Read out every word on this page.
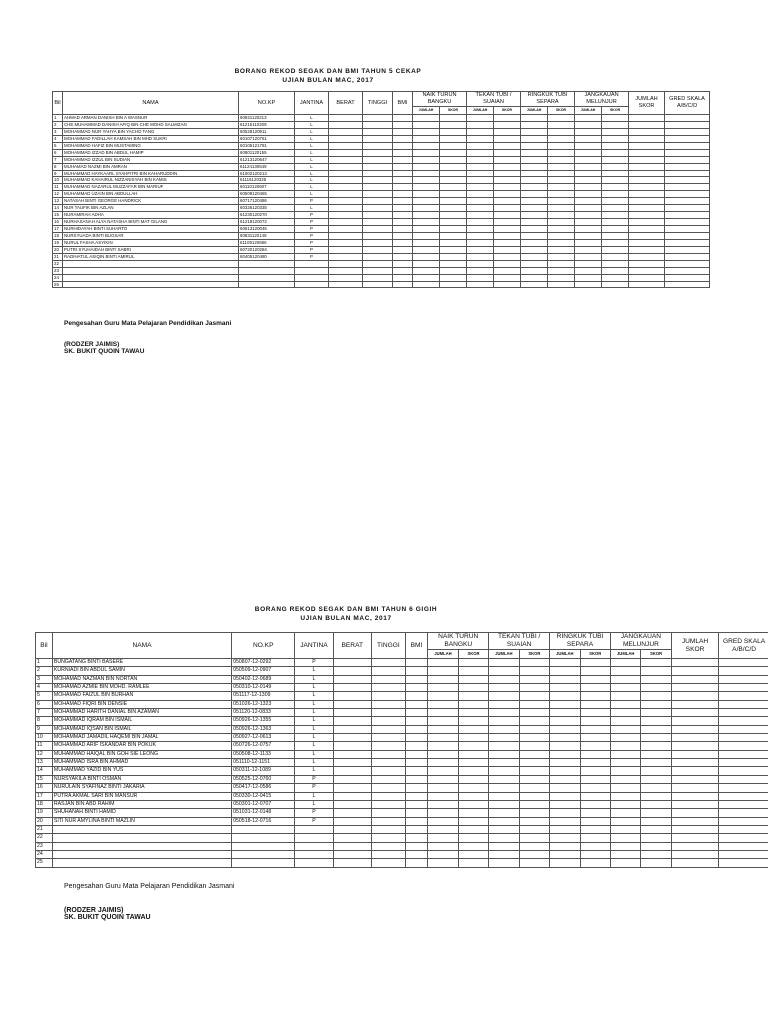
BORANG REKOD SEGAK DAN BMI TAHUN 5 CEKAP
UJIAN BULAN MAC, 2017
Bil	NAMA	NO.KP	JANTINA	BERAT	TINGGI	BMI	NAIK TURUN BANGKU		TEKAN TUBI / SUAIAN		RINGKUK TUBI SEPARA		JANGKAUAN MELUNJUR		JUMLAH SKOR	GRED SKALA A/B/C/D
							JUMLAH	SKOR	JUMLAH	SKOR	JUMLAH	SKOR	JUMLAH	SKOR		
1	AHMAD ARMAN DANISH BIN A WASNUR	60921120213	L													
2	CHE MUHAMMAD DANISH AFIQ BIN CHE MOHD SALMIZAN	61216110209	L													
3	MOHAMMAD NUR YAHYA BIN YACHO TANG	60528120911	L													
4	MOHAMMAD FADILLAH KAMSAH BIN MHD SUKRI	60107120761	L													
5	MOHAMMAD HAFIZ BIN MUSTAMING	60105121781	L													
6	MOHAMMAD IZZAD BIN ABDUL HAMIP	60801120155	L													
7	MOHAMMAD IZZUL BIN SUDIAN	61213120647	L													
8	MUHAMAD NAZMI BIN AMRAN	61124130549	L													
9	MUHAMMAD HAYKAARL SYAHFITRI BIN KAHARUDDIN	61002120213	L													
10	MUHAMMAD KAHAIRUL NIZZANISYAH BIN KAMIS	61116120325	L													
11	MUHAMMAD NAZARUL MUZZAFAR BIN MARIUF	60110120607	L													
12	MUHAMMAD UZAIN BIN ABDULLAH	60509120465	L													
13	NATASAH BINTI GEORGE HANDRICK	60717120486	P													
14	NUR TAUFIK BIN AZLAN	60326120335	L													
15	NURAMIRAH ADHA	61230120270	P													
16	NURHASANAH ALYA NATASHA BINTI MAT GILANG	61218120072	P													
17	NURHIDAYAH BINTI SUHARTO	60513120046	P													
18	NURSYUADA BINTI BUGSAR	60831120148	P													
19	NURUL FASHA ASYIKIN	61109120686	P													
20	PUTRI SYUHAIDAH BINTI SABRI	60720120284	P													
21	RADIHATUL ASIQIN BINTI AMIRUL	60405120480	P													
22																
23																
24																
25																
Pengesahan Guru Mata Pelajaran Pendidikan Jasmani
(RODZER JAIMIS)
SK. BUKIT QUOIN TAWAU
BORANG REKOD SEGAK DAN BMI TAHUN 6 GIGIH
UJIAN BULAN MAC, 2017
Bil	NAMA	NO.KP	JANTINA	BERAT	TINGGI	BMI	NAIK TURUN BANGKU		TEKAN TUBI / SUAIAN		RINGKUK TUBI SEPARA		JANGKAUAN MELUNJUR		JUMLAH SKOR	GRED SKALA A/B/C/D
							JUMLAH	SKOR	JUMLAH	SKOR	JUMLAH	SKOR	JUMLAH	SKOR		
1	BUNGATANG BINTI BASERE	050807-12-0292	P													
2	KURNIADI BIN ABDUL SAMIN	050509-12-0907	L													
3	MOHAMAD NAZMAN BIN NORTAN	050402-12-0689	L													
4	MOHAMAD AZMIE BIN MOHD. RAMLEE	050310-12-0149	L													
5	MOHAMAD FAIZUL BIN BURHAN	051117-12-1309	L													
6	MOHAMAD FIQRI BIN DENSIE	051026-12-1323	L													
7	MOHAMMAD HARITH DANIAL BIN AZAMAN	051120-12-0833	L													
8	MOHAMMAD IQRAM BIN ISMAIL	050926-12-1355	L													
9	MOHAMMAD IQSAN BIN ISMAIL	050926-12-1363	L													
10	MOHAMMAD JAMADIL HAQEMI BIN JAMAL	050927-12-0613	L													
11	MOHAMMAD ARIF ISKANDAR BIN POKUK	050726-12-0757	L													
12	MUHAMMAD HAIQAL BIN GOH SIE LEONG	050508-12-1133	L													
13	MUHAMMAD ISRA BIN AHMAD	051110-12-1151	L													
14	MUHAMMAD YAZID BIN YUS	050311-12-1089	L													
15	NURSYAKILA BINTI OSMAN	050525-12-0760	P													
16	NURULAIN SYAFINAZ BINTI JAKARIA	050417-12-0586	P													
17	PUTRA AKMAL SARI BIN MANSUR	050330-12-0415	L													
18	RASJAN BIN ABD RAHIM	050301-12-0707	L													
19	SHUHANAH BINTI HAMID	051031-12-0148	P													
20	SITI NUR AMYLINA BINTI MAZLIN	050518-12-0716	P													
21																
22																
23																
24																
25																
Pengesahan Guru Mata Pelajaran Pendidikan Jasmani
(RODZER JAIMIS)
SK. BUKIT QUOIN TAWAU
